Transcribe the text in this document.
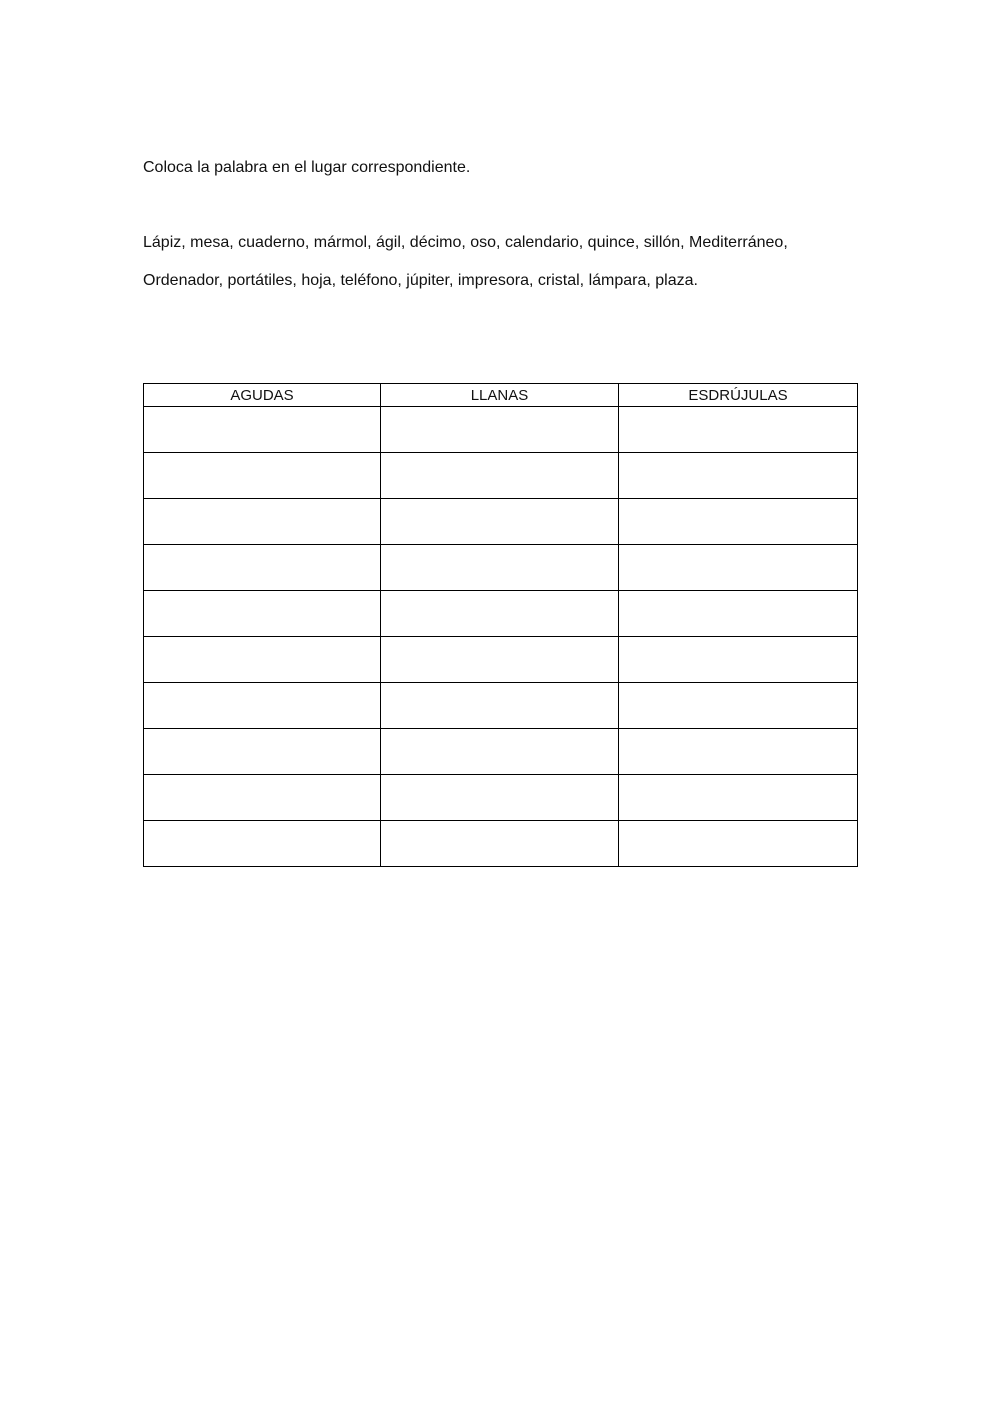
Coloca la palabra en el lugar correspondiente.
Lápiz, mesa, cuaderno, mármol, ágil, décimo, oso, calendario, quince, sillón, Mediterráneo,
Ordenador, portátiles, hoja, teléfono, júpiter, impresora, cristal, lámpara, plaza.
AGUDAS	LLANAS	ESDRÚJULAS
